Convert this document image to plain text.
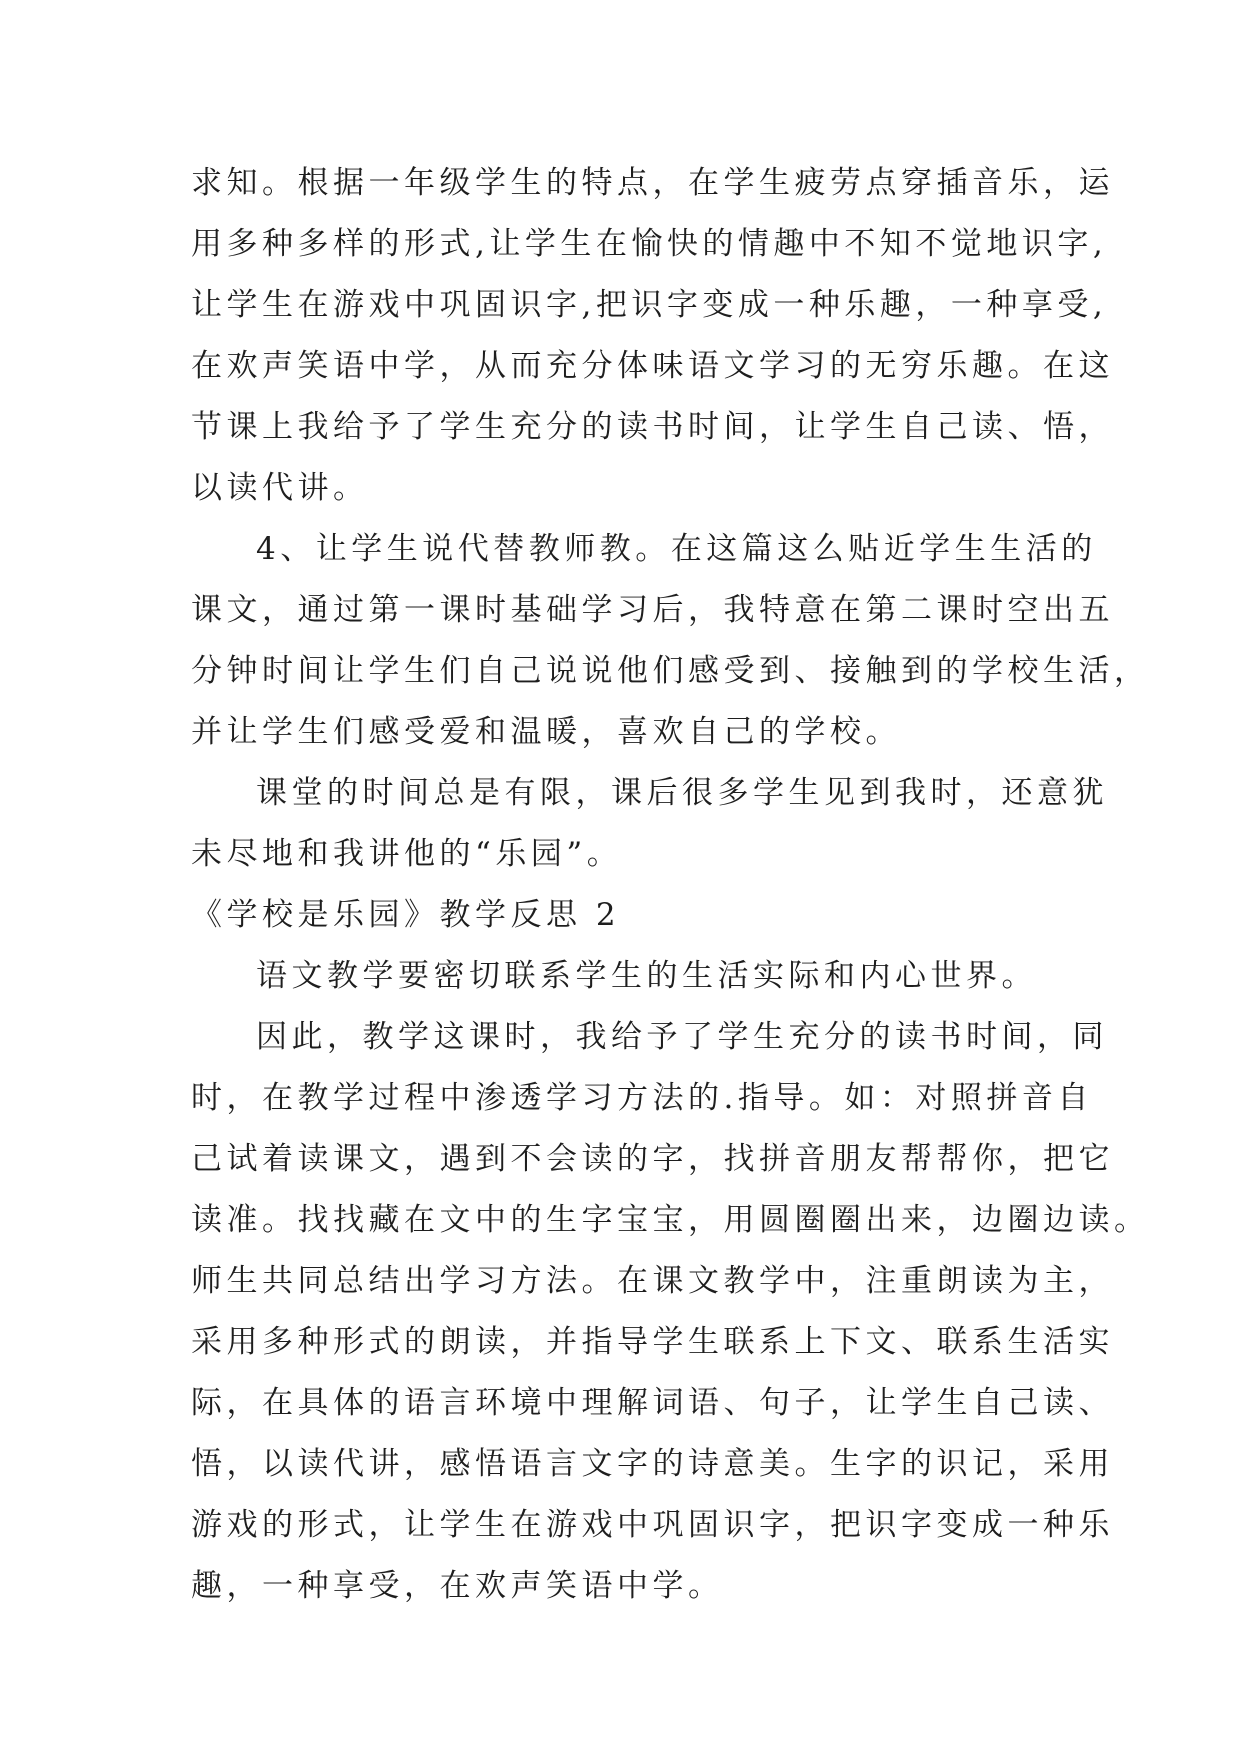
求知。根据一年级学生的特点，在学生疲劳点穿插音乐，运
用多种多样的形式,让学生在愉快的情趣中不知不觉地识字,
让学生在游戏中巩固识字,把识字变成一种乐趣，一种享受,
在欢声笑语中学，从而充分体味语文学习的无穷乐趣。在这
节课上我给予了学生充分的读书时间，让学生自己读、悟，
以读代讲。
4、让学生说代替教师教。在这篇这么贴近学生生活的
课文，通过第一课时基础学习后，我特意在第二课时空出五
分钟时间让学生们自己说说他们感受到、接触到的学校生活，
并让学生们感受爱和温暖，喜欢自己的学校。
课堂的时间总是有限，课后很多学生见到我时，还意犹
未尽地和我讲他的“乐园”。
《学校是乐园》教学反思 2
语文教学要密切联系学生的生活实际和内心世界。
因此，教学这课时，我给予了学生充分的读书时间，同
时，在教学过程中渗透学习方法的.指导。如：对照拼音自
己试着读课文，遇到不会读的字，找拼音朋友帮帮你，把它
读准。找找藏在文中的生字宝宝，用圆圈圈出来，边圈边读。
师生共同总结出学习方法。在课文教学中，注重朗读为主，
采用多种形式的朗读，并指导学生联系上下文、联系生活实
际，在具体的语言环境中理解词语、句子，让学生自己读、
悟，以读代讲，感悟语言文字的诗意美。生字的识记，采用
游戏的形式，让学生在游戏中巩固识字，把识字变成一种乐
趣，一种享受，在欢声笑语中学。
